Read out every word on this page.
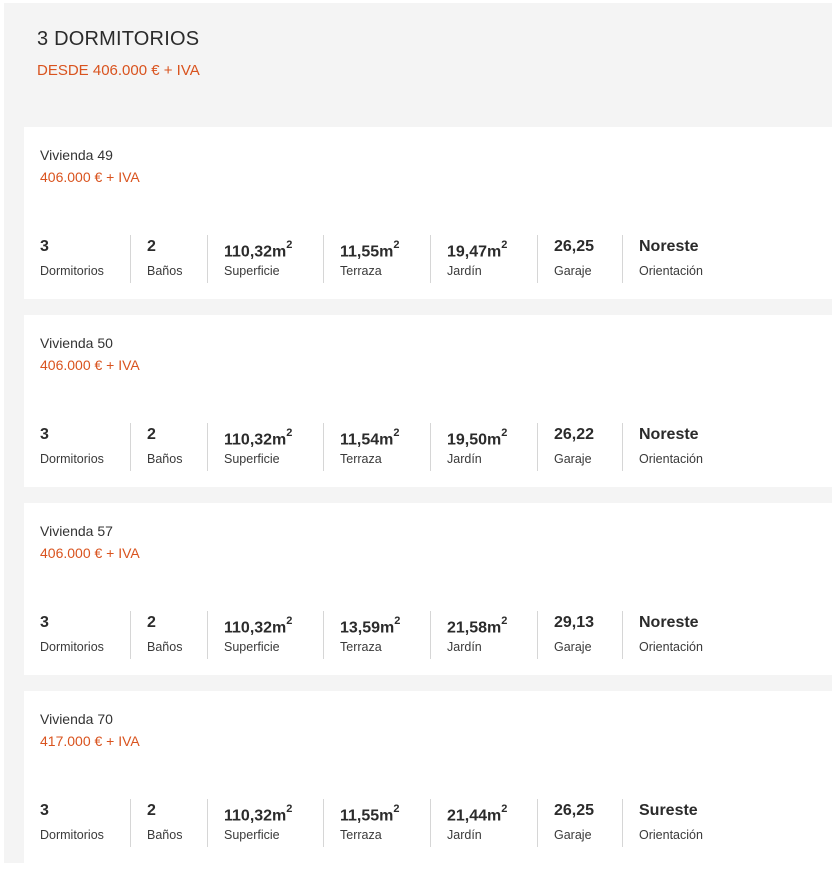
3 DORMITORIOS
DESDE 406.000 € + IVA
Vivienda 49
406.000 € + IVA
3
Dormitorios
2
Baños
$110,32m^2$
Superficie
$11,55m^2$
Terraza
$19,47m^2$
Jardín
26,25
Garaje
Noreste
Orientación
Vivienda 50
406.000 € + IVA
3
Dormitorios
2
Baños
$110,32m^2$
Superficie
$11,54m^2$
Terraza
$19,50m^2$
Jardín
26,22
Garaje
Noreste
Orientación
Vivienda 57
406.000 € + IVA
3
Dormitorios
2
Baños
$110,32m^2$
Superficie
$13,59m^2$
Terraza
$21,58m^2$
Jardín
29,13
Garaje
Noreste
Orientación
Vivienda 70
417.000 € + IVA
3
Dormitorios
2
Baños
$110,32m^2$
Superficie
$11,55m^2$
Terraza
$21,44m^2$
Jardín
26,25
Garaje
Sureste
Orientación
